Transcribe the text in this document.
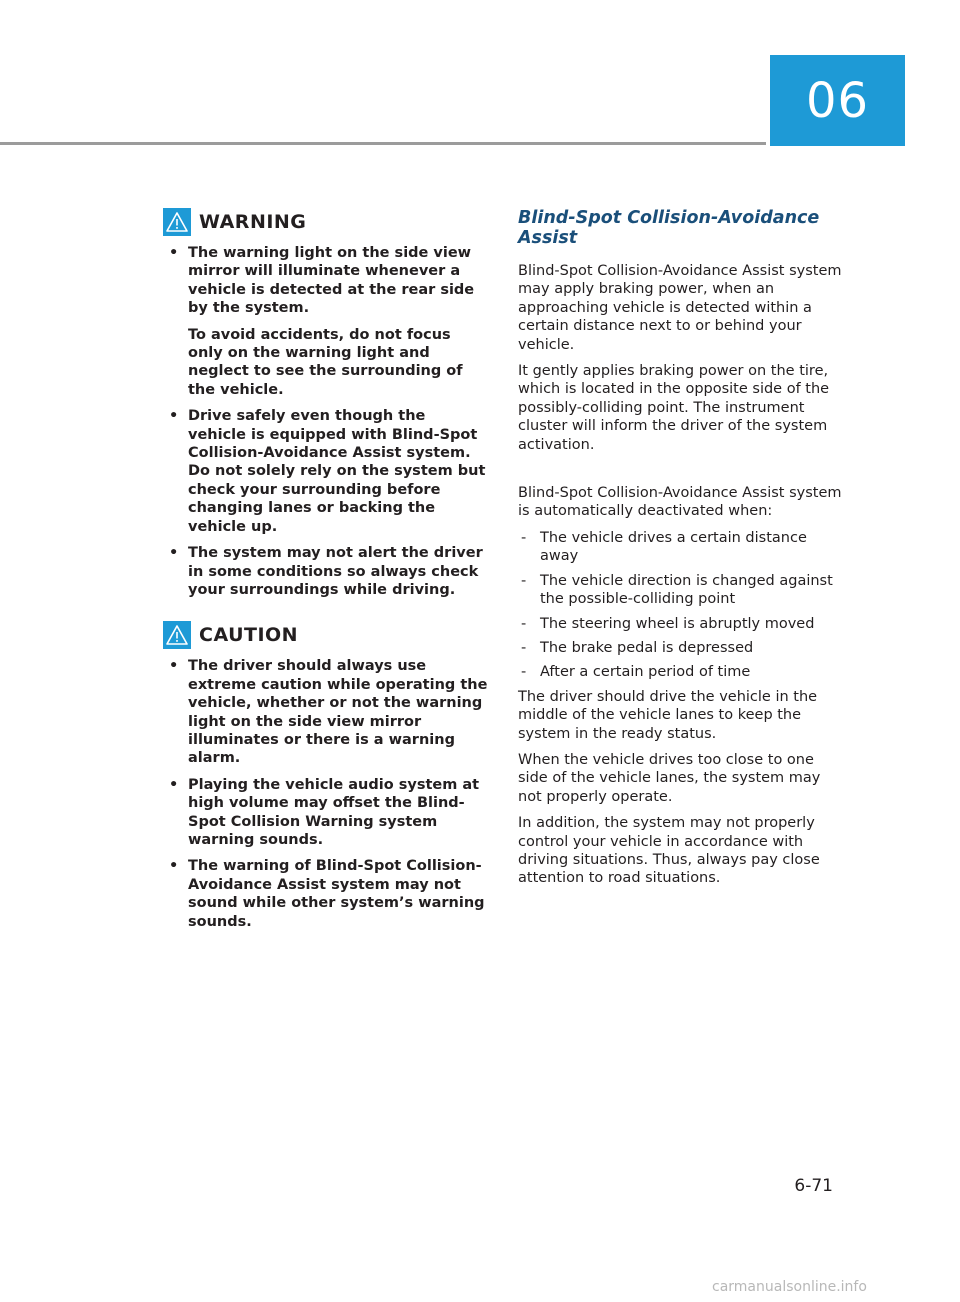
06
WARNING

• The warning light on the side view mirror will illuminate whenever a vehicle is detected at the rear side by the system.

To avoid accidents, do not focus only on the warning light and neglect to see the surrounding of the vehicle.

• Drive safely even though the vehicle is equipped with Blind-Spot Collision-Avoidance Assist system. Do not solely rely on the system but check your surrounding before changing lanes or backing the vehicle up.

• The system may not alert the driver in some conditions so always check your surroundings while driving.

CAUTION
• The driver should always use extreme caution while operating the vehicle, whether or not the warning light on the side view mirror illuminates or there is a warning alarm.
• Playing the vehicle audio system at high volume may offset the Blind-Spot Collision Warning system warning sounds.
• The warning of Blind-Spot Collision-Avoidance Assist system may not sound while other system’s warning sounds.
Blind-Spot Collision-Avoidance Assist

Blind-Spot Collision-Avoidance Assist system may apply braking power, when an approaching vehicle is detected within a certain distance next to or behind your vehicle.

It gently applies braking power on the tire, which is located in the opposite side of the possibly-colliding point. The instrument cluster will inform the driver of the system activation.

Blind-Spot Collision-Avoidance Assist system is automatically deactivated when:

- The vehicle drives a certain distance away
- The vehicle direction is changed against the possible-colliding point
- The steering wheel is abruptly moved
- The brake pedal is depressed
- After a certain period of time

The driver should drive the vehicle in the middle of the vehicle lanes to keep the system in the ready status.

When the vehicle drives too close to one side of the vehicle lanes, the system may not properly operate.

In addition, the system may not properly control your vehicle in accordance with driving situations. Thus, always pay close attention to road situations.

6-71
carmanualsonline.info
